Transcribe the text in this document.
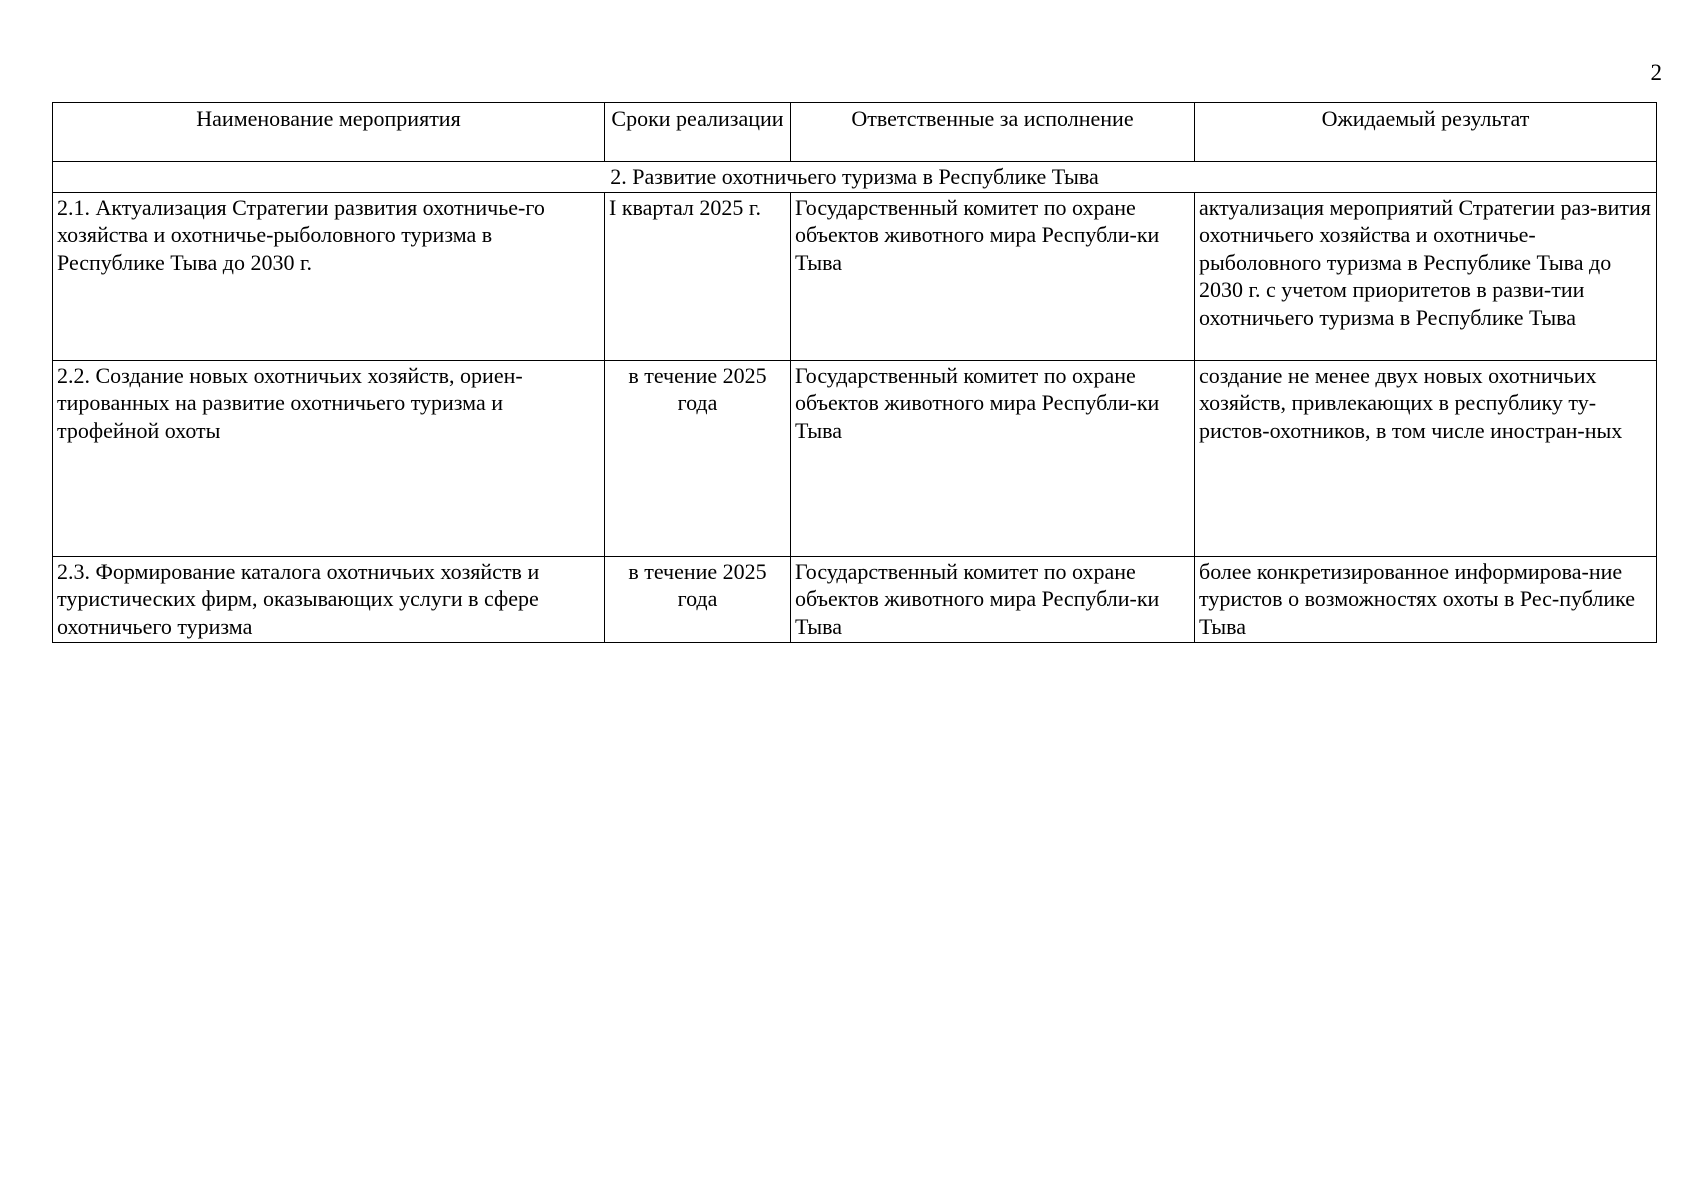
2
Наименование мероприятия	Сроки реализации	Ответственные за исполнение	Ожидаемый результат
2. Развитие охотничьего туризма в Республике Тыва			
2.1. Актуализация Стратегии развития охотничье-го хозяйства и охотничье-рыболовного туризма в Республике Тыва до 2030 г.	I квартал 2025 г.	Государственный комитет по охране объектов животного мира Республи-ки Тыва	актуализация мероприятий Стратегии раз-вития охотничьего хозяйства и охотничье-рыболовного туризма в Республике Тыва до 2030 г. с учетом приоритетов в разви-тии охотничьего туризма в Республике Тыва
2.2. Создание новых охотничьих хозяйств, ориен-тированных на развитие охотничьего туризма и трофейной охоты	в течение 2025 года	Государственный комитет по охране объектов животного мира Республи-ки Тыва	создание не менее двух новых охотничьих хозяйств, привлекающих в республику ту-ристов-охотников, в том числе иностран-ных
2.3. Формирование каталога охотничьих хозяйств и туристических фирм, оказывающих услуги в сфере охотничьего туризма	в течение 2025 года	Государственный комитет по охране объектов животного мира Республи-ки Тыва	более конкретизированное информирова-ние туристов о возможностях охоты в Рес-публике Тыва
